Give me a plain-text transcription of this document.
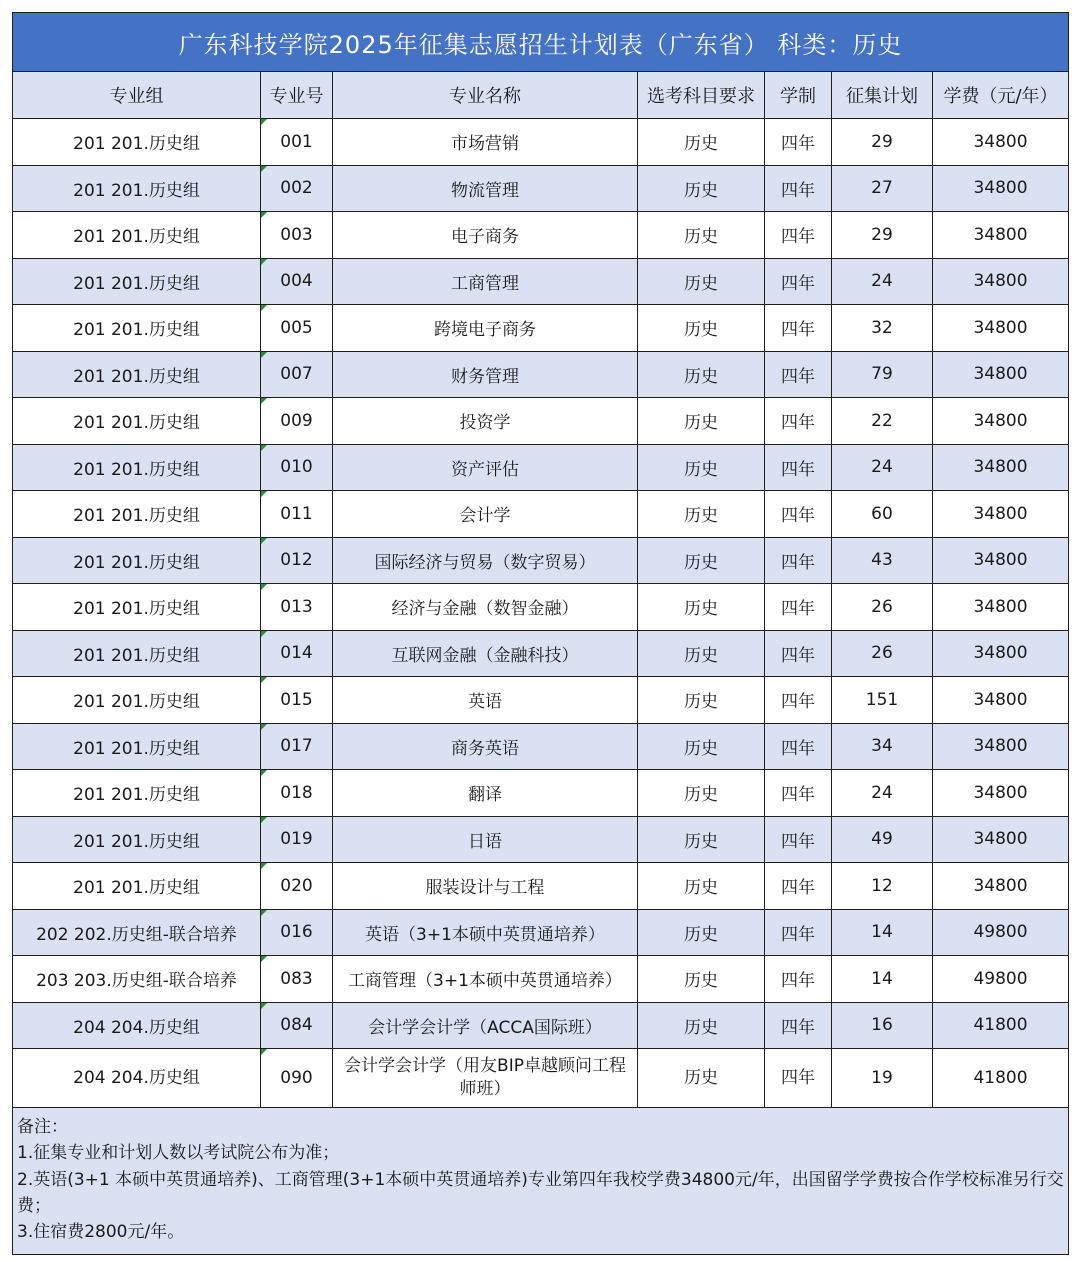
广东科技学院2025年征集志愿招生计划表（广东省） 科类：历史						
专业组	专业号	专业名称	选考科目要求	学制	征集计划	学费（元/年）
201 201.历史组	001	市场营销	历史	四年	29	34800
201 201.历史组	002	物流管理	历史	四年	27	34800
201 201.历史组	003	电子商务	历史	四年	29	34800
201 201.历史组	004	工商管理	历史	四年	24	34800
201 201.历史组	005	跨境电子商务	历史	四年	32	34800
201 201.历史组	007	财务管理	历史	四年	79	34800
201 201.历史组	009	投资学	历史	四年	22	34800
201 201.历史组	010	资产评估	历史	四年	24	34800
201 201.历史组	011	会计学	历史	四年	60	34800
201 201.历史组	012	国际经济与贸易（数字贸易）	历史	四年	43	34800
201 201.历史组	013	经济与金融（数智金融）	历史	四年	26	34800
201 201.历史组	014	互联网金融（金融科技）	历史	四年	26	34800
201 201.历史组	015	英语	历史	四年	151	34800
201 201.历史组	017	商务英语	历史	四年	34	34800
201 201.历史组	018	翻译	历史	四年	24	34800
201 201.历史组	019	日语	历史	四年	49	34800
201 201.历史组	020	服装设计与工程	历史	四年	12	34800
202 202.历史组-联合培养	016	英语（3+1本硕中英贯通培养）	历史	四年	14	49800
203 203.历史组-联合培养	083	工商管理（3+1本硕中英贯通培养）	历史	四年	14	49800
204 204.历史组	084	会计学会计学（ACCA国际班）	历史	四年	16	41800
204 204.历史组	090	会计学会计学（用友BIP卓越顾问工程师班）	历史	四年	19	41800

备注：

1.征集专业和计划人数以考试院公布为准；

2.英语(3+1 本硕中英贯通培养)、工商管理(3+1本硕中英贯通培养)专业第四年我校学费34800元/年，出国留学学费按合作学校标准另行交费；

3.住宿费2800元/年。						
